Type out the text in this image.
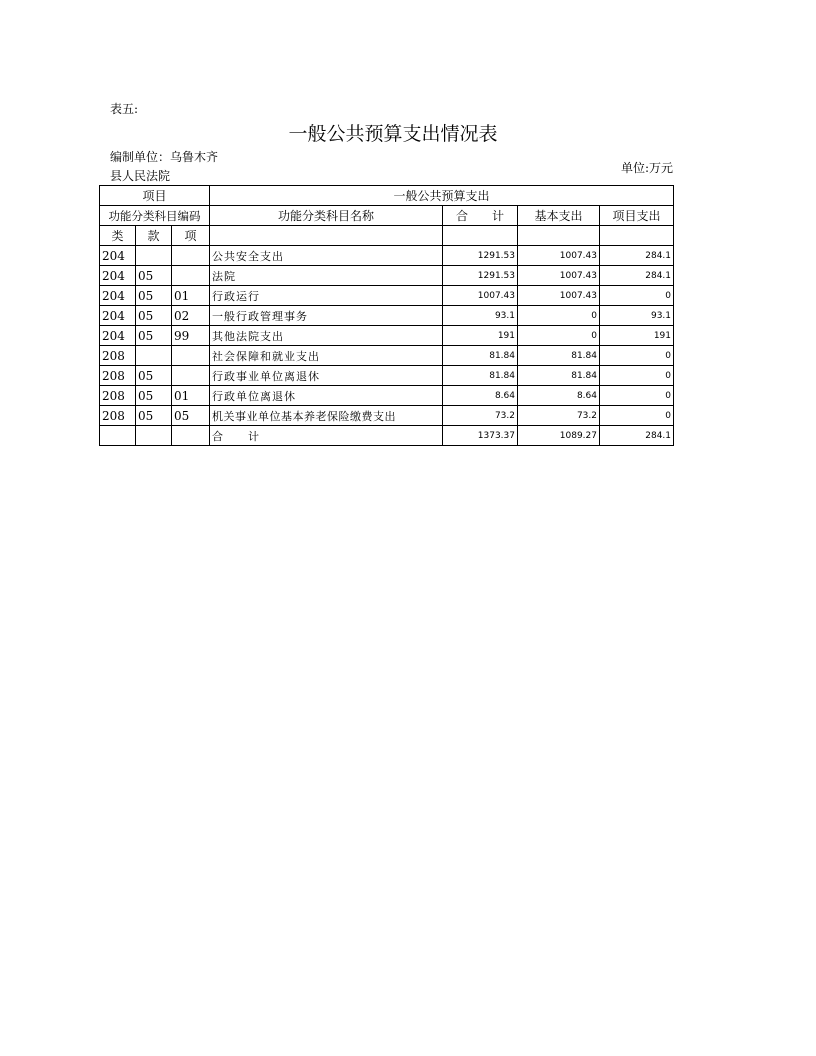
表五:
一般公共预算支出情况表
编制单位：乌鲁木齐县人民法院
单位:万元
项目			一般公共预算支出			
功能分类科目编码			功能分类科目名称	合　　计	基本支出	项目支出
类	款	项				
204			公共安全支出	1291.53	1007.43	284.1
204	05		法院	1291.53	1007.43	284.1
204	05	01	行政运行	1007.43	1007.43	0
204	05	02	一般行政管理事务	93.1	0	93.1
204	05	99	其他法院支出	191	0	191
208			社会保障和就业支出	81.84	81.84	0
208	05		行政事业单位离退休	81.84	81.84	0
208	05	01	行政单位离退休	8.64	8.64	0
208	05	05	机关事业单位基本养老保险缴费支出	73.2	73.2	0
			合　　计	1373.37	1089.27	284.1
